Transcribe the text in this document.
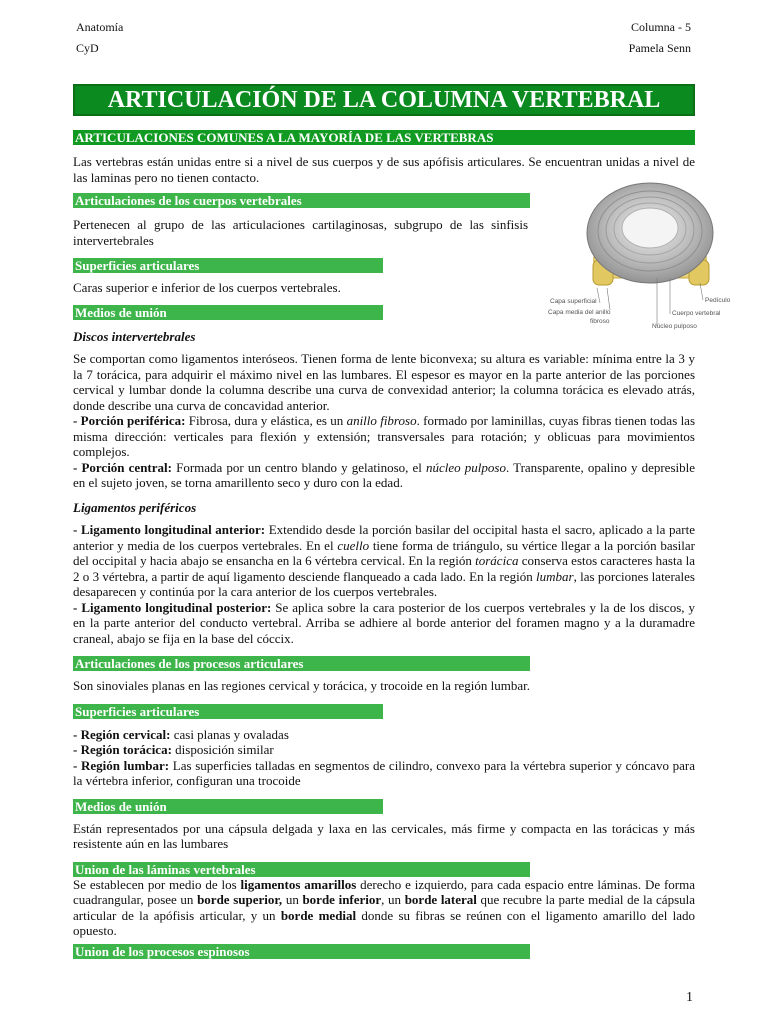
Anatomía
CyD
Columna - 5
Pamela Senn
ARTICULACIÓN DE LA COLUMNA VERTEBRAL
ARTICULACIONES COMUNES A LA MAYORÍA DE LAS VERTEBRAS

Las vertebras están unidas entre si a nivel de sus cuerpos y de sus apófisis articulares. Se encuentran unidas a nivel de las laminas pero no tienen contacto.

Articulaciones de los cuerpos vertebrales

Pertenecen al grupo de las articulaciones cartilaginosas, subgrupo de las sinfisis intervertebrales

Superficies articulares

Caras superior e inferior de los cuerpos vertebrales.

Medios de unión
Discos intervertebrales

Se comportan como ligamentos interóseos. Tienen forma de lente biconvexa; su altura es variable: mínima entre la 3 y la 7 torácica, para adquirir el máximo nivel en las lumbares. El espesor es mayor en la parte anterior de las porciones cervical y lumbar donde la columna describe una curva de convexidad anterior; la columna torácica es elevado atrás, donde describe una curva de concavidad anterior.

- Porción periférica: Fibrosa, dura y elástica, es un anillo fibroso. formado por laminillas, cuyas fibras tienen todas las misma dirección: verticales para flexión y extensión; transversales para rotación; y oblicuas para movimientos complejos.

- Porción central: Formada por un centro blando y gelatinoso, el núcleo pulposo. Transparente, opalino y depresible en el sujeto joven, se torna amarillento seco y duro con la edad.

Ligamentos periféricos

- Ligamento longitudinal anterior: Extendido desde la porción basilar del occipital hasta el sacro, aplicado a la parte anterior y media de los cuerpos vertebrales. En el cuello tiene forma de triángulo, su vértice llegar a la porción basilar del occipital y hacia abajo se ensancha en la 6 vértebra cervical. En la región torácica conserva estos caracteres hasta la 2 o 3 vértebra, a partir de aquí ligamento desciende flanqueado a cada lado. En la región lumbar, las porciones laterales desaparecen y continúa por la cara anterior de los cuerpos vertebrales.

- Ligamento longitudinal posterior: Se aplica sobre la cara posterior de los cuerpos vertebrales y la de los discos, y en la parte anterior del conducto vertebral. Arriba se adhiere al borde anterior del foramen magno y a la duramadre craneal, abajo se fija en la base del cóccix.

Articulaciones de los procesos articulares

Son sinoviales planas en las regiones cervical y torácica, y trocoide en la región lumbar.

Superficies articulares

- Región cervical: casi planas y ovaladas

- Región torácica: disposición similar

- Región lumbar: Las superficies talladas en segmentos de cilindro, convexo para la vértebra superior y cóncavo para la vértebra inferior, configuran una trocoide

Medios de unión

Están representados por una cápsula delgada y laxa en las cervicales, más firme y compacta en las torácicas y más resistente aún en las lumbares

Union de las láminas vertebrales

Se establecen por medio de los ligamentos amarillos derecho e izquierdo, para cada espacio entre láminas. De forma cuadrangular, posee un borde superior, un borde inferior, un borde lateral que recubre la parte medial de la cápsula articular de la apófisis articular, y un borde medial donde su fibras se reúnen con el ligamento amarillo del lado opuesto.

Union de los procesos espinosos
Capa superficial
Capa media del anillo
fibroso
Pedículo
Cuerpo vertebral
Núcleo pulposo
1
